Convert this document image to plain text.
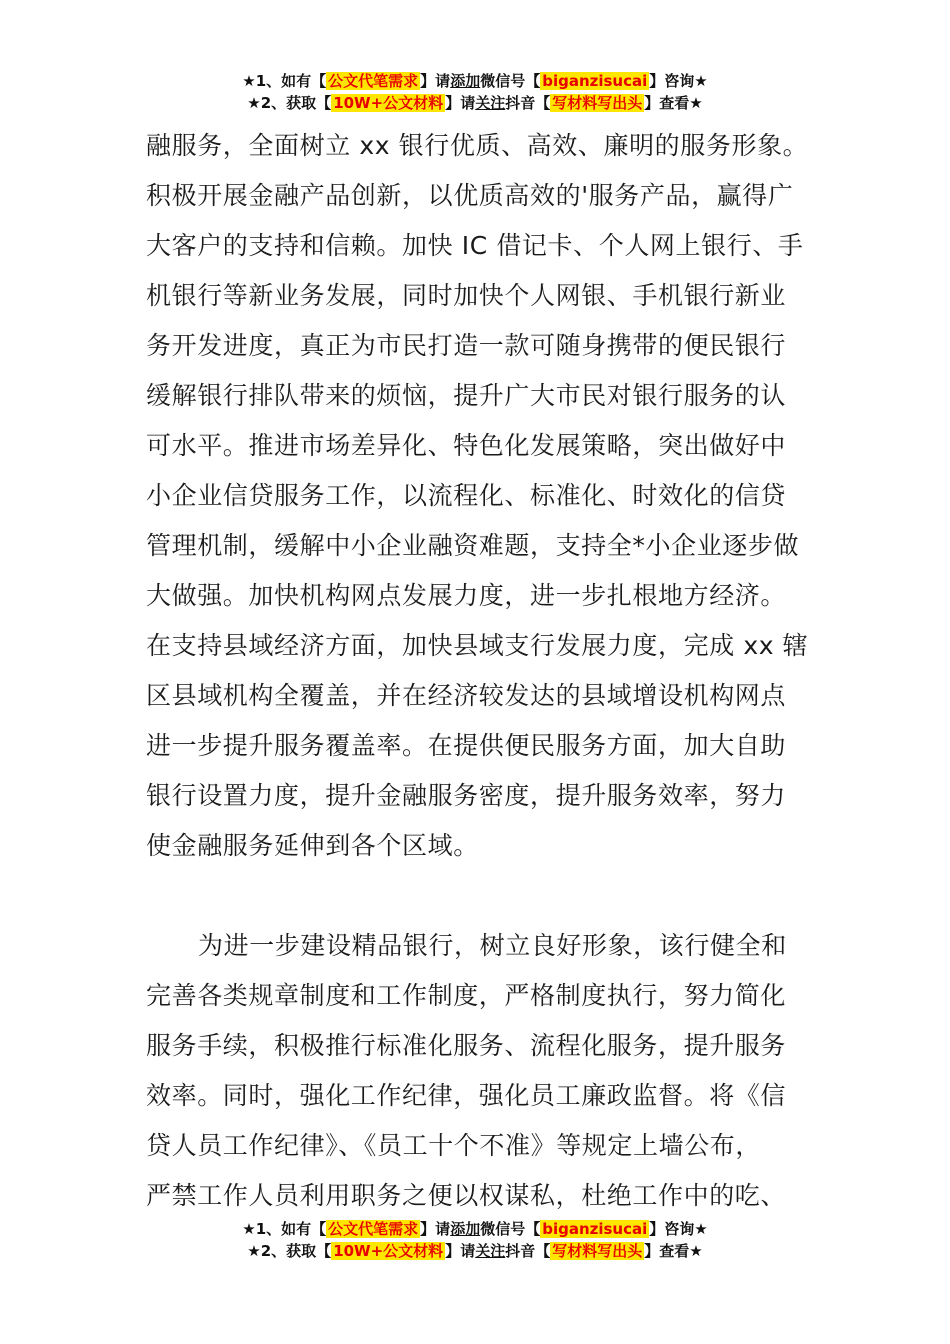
★1、如有【 公文代笔需求 】请添加微信号【 biganzisucai 】咨询★
★2、获取【 10W+公文材料 】请关注抖音【 写材料写出头 】查看★
融服务，全面树立 xx 银行优质、高效、廉明的服务形象。
积极开展金融产品创新，以优质高效的'服务产品，赢得广
大客户的支持和信赖。加快 IC 借记卡、个人网上银行、手
机银行等新业务发展，同时加快个人网银、手机银行新业
务开发进度，真正为市民打造一款可随身携带的便民银行
缓解银行排队带来的烦恼，提升广大市民对银行服务的认
可水平。推进市场差异化、特色化发展策略，突出做好中
小企业信贷服务工作，以流程化、标准化、时效化的信贷
管理机制，缓解中小企业融资难题，支持全*小企业逐步做
大做强。加快机构网点发展力度，进一步扎根地方经济。
在支持县域经济方面，加快县域支行发展力度，完成 xx 辖
区县域机构全覆盖，并在经济较发达的县域增设机构网点
进一步提升服务覆盖率。在提供便民服务方面，加大自助
银行设置力度，提升金融服务密度，提升服务效率，努力
使金融服务延伸到各个区域。
为进一步建设精品银行，树立良好形象，该行健全和
完善各类规章制度和工作制度，严格制度执行，努力简化
服务手续，积极推行标准化服务、流程化服务，提升服务
效率。同时，强化工作纪律，强化员工廉政监督。将《信
贷人员工作纪律》、《员工十个不准》等规定上墙公布，
严禁工作人员利用职务之便以权谋私，杜绝工作中的吃、
★1、如有【 公文代笔需求 】请添加微信号【 biganzisucai 】咨询★
★2、获取【 10W+公文材料 】请关注抖音【 写材料写出头 】查看★
